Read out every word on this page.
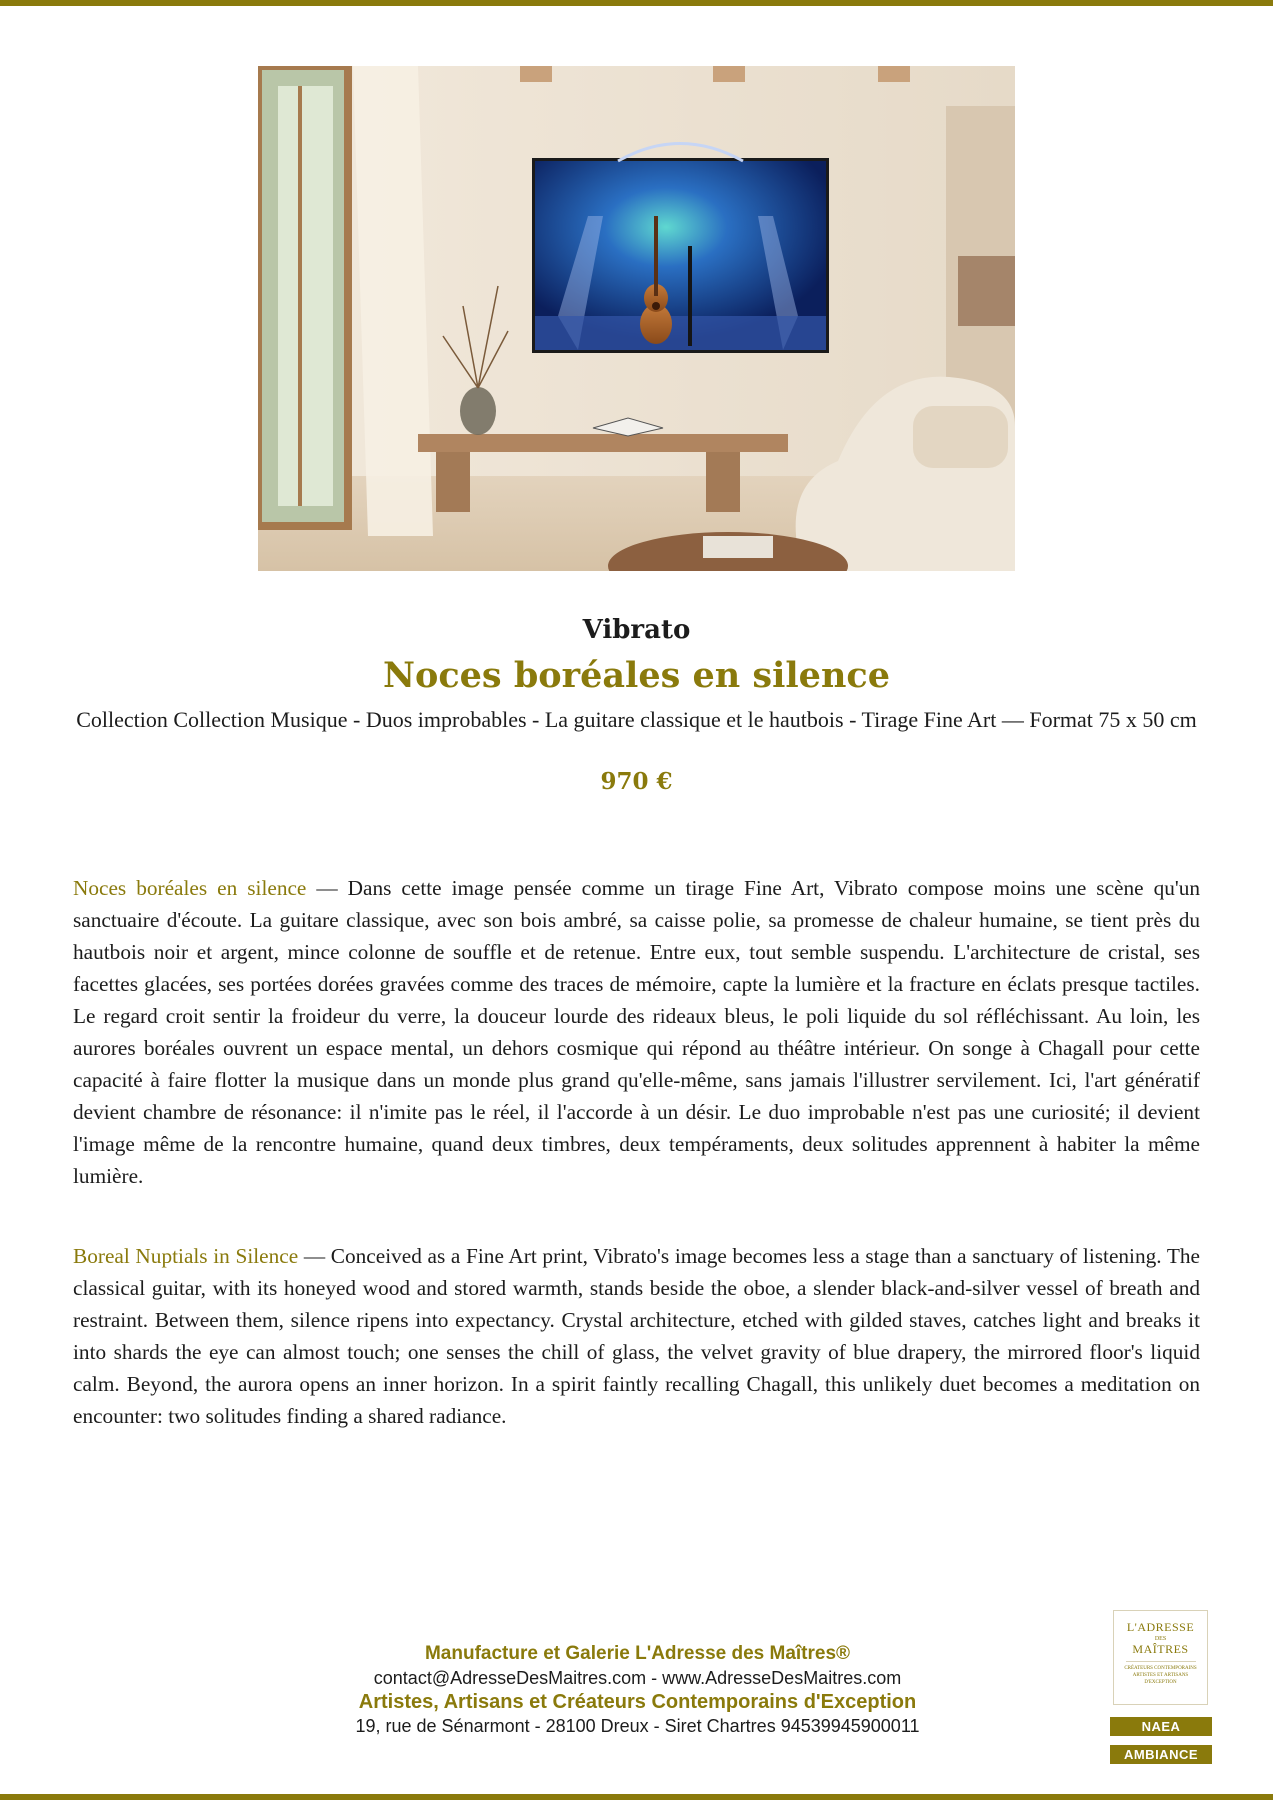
Vibrato
Noces boréales en silence
Collection Collection Musique - Duos improbables - La guitare classique et le hautbois - Tirage Fine Art — Format 75 x 50 cm
970 €

Noces boréales en silence — Dans cette image pensée comme un tirage Fine Art, Vibrato compose moins une scène qu'un sanctuaire d'écoute. La guitare classique, avec son bois ambré, sa caisse polie, sa promesse de chaleur humaine, se tient près du hautbois noir et argent, mince colonne de souffle et de retenue. Entre eux, tout semble suspendu. L'architecture de cristal, ses facettes glacées, ses portées dorées gravées comme des traces de mémoire, capte la lumière et la fracture en éclats presque tactiles. Le regard croit sentir la froideur du verre, la douceur lourde des rideaux bleus, le poli liquide du sol réfléchissant. Au loin, les aurores boréales ouvrent un espace mental, un dehors cosmique qui répond au théâtre intérieur. On songe à Chagall pour cette capacité à faire flotter la musique dans un monde plus grand qu'elle-même, sans jamais l'illustrer servilement. Ici, l'art génératif devient chambre de résonance: il n'imite pas le réel, il l'accorde à un désir. Le duo improbable n'est pas une curiosité; il devient l'image même de la rencontre humaine, quand deux timbres, deux tempéraments, deux solitudes apprennent à habiter la même lumière.

Boreal Nuptials in Silence — Conceived as a Fine Art print, Vibrato's image becomes less a stage than a sanctuary of listening. The classical guitar, with its honeyed wood and stored warmth, stands beside the oboe, a slender black-and-silver vessel of breath and restraint. Between them, silence ripens into expectancy. Crystal architecture, etched with gilded staves, catches light and breaks it into shards the eye can almost touch; one senses the chill of glass, the velvet gravity of blue drapery, the mirrored floor's liquid calm. Beyond, the aurora opens an inner horizon. In a spirit faintly recalling Chagall, this unlikely duet becomes a meditation on encounter: two solitudes finding a shared radiance.

Manufacture et Galerie L'Adresse des Maîtres®
contact@AdresseDesMaitres.com - www.AdresseDesMaitres.com
Artistes, Artisans et Créateurs Contemporains d'Exception
19, rue de Sénarmont - 28100 Dreux - Siret Chartres 94539945900011
L'ADRESSE
DES
MAÎTRES
CRÉATEURS CONTEMPORAINS ARTISTES ET ARTISANS D'EXCEPTION
NAEA
AMBIANCE
